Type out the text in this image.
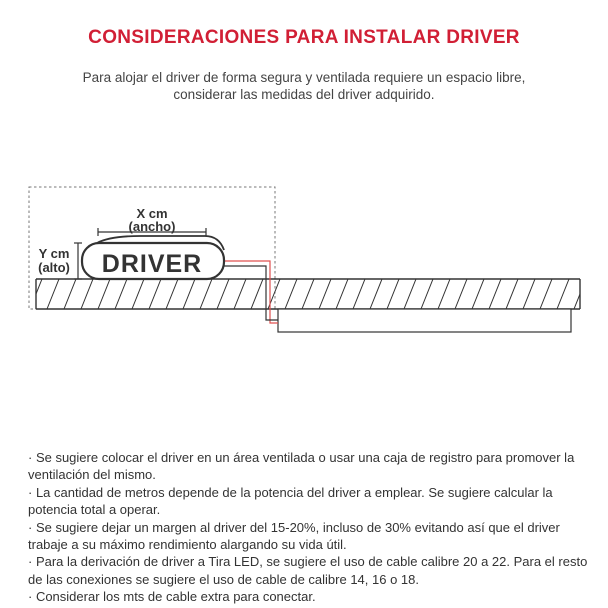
CONSIDERACIONES PARA INSTALAR DRIVER
Para alojar el driver de forma segura y ventilada requiere un espacio libre,
considerar las medidas del driver adquirido.
DRIVER
X cm
(ancho)
Y cm
(alto)

· Se sugiere colocar el driver en un área ventilada o usar una caja de registro para promover la ventilación del mismo.

· La cantidad de metros depende de la potencia del driver a emplear. Se sugiere calcular la potencia total a operar.

· Se sugiere dejar un margen al driver del 15-20%, incluso de 30% evitando así que el driver trabaje a su máximo rendimiento alargando su vida útil.

· Para la derivación de driver a Tira LED, se sugiere el uso de cable calibre 20 a 22. Para el resto de las conexiones se sugiere el uso de cable de calibre 14, 16 o 18.

· Considerar los mts de cable extra para conectar.
